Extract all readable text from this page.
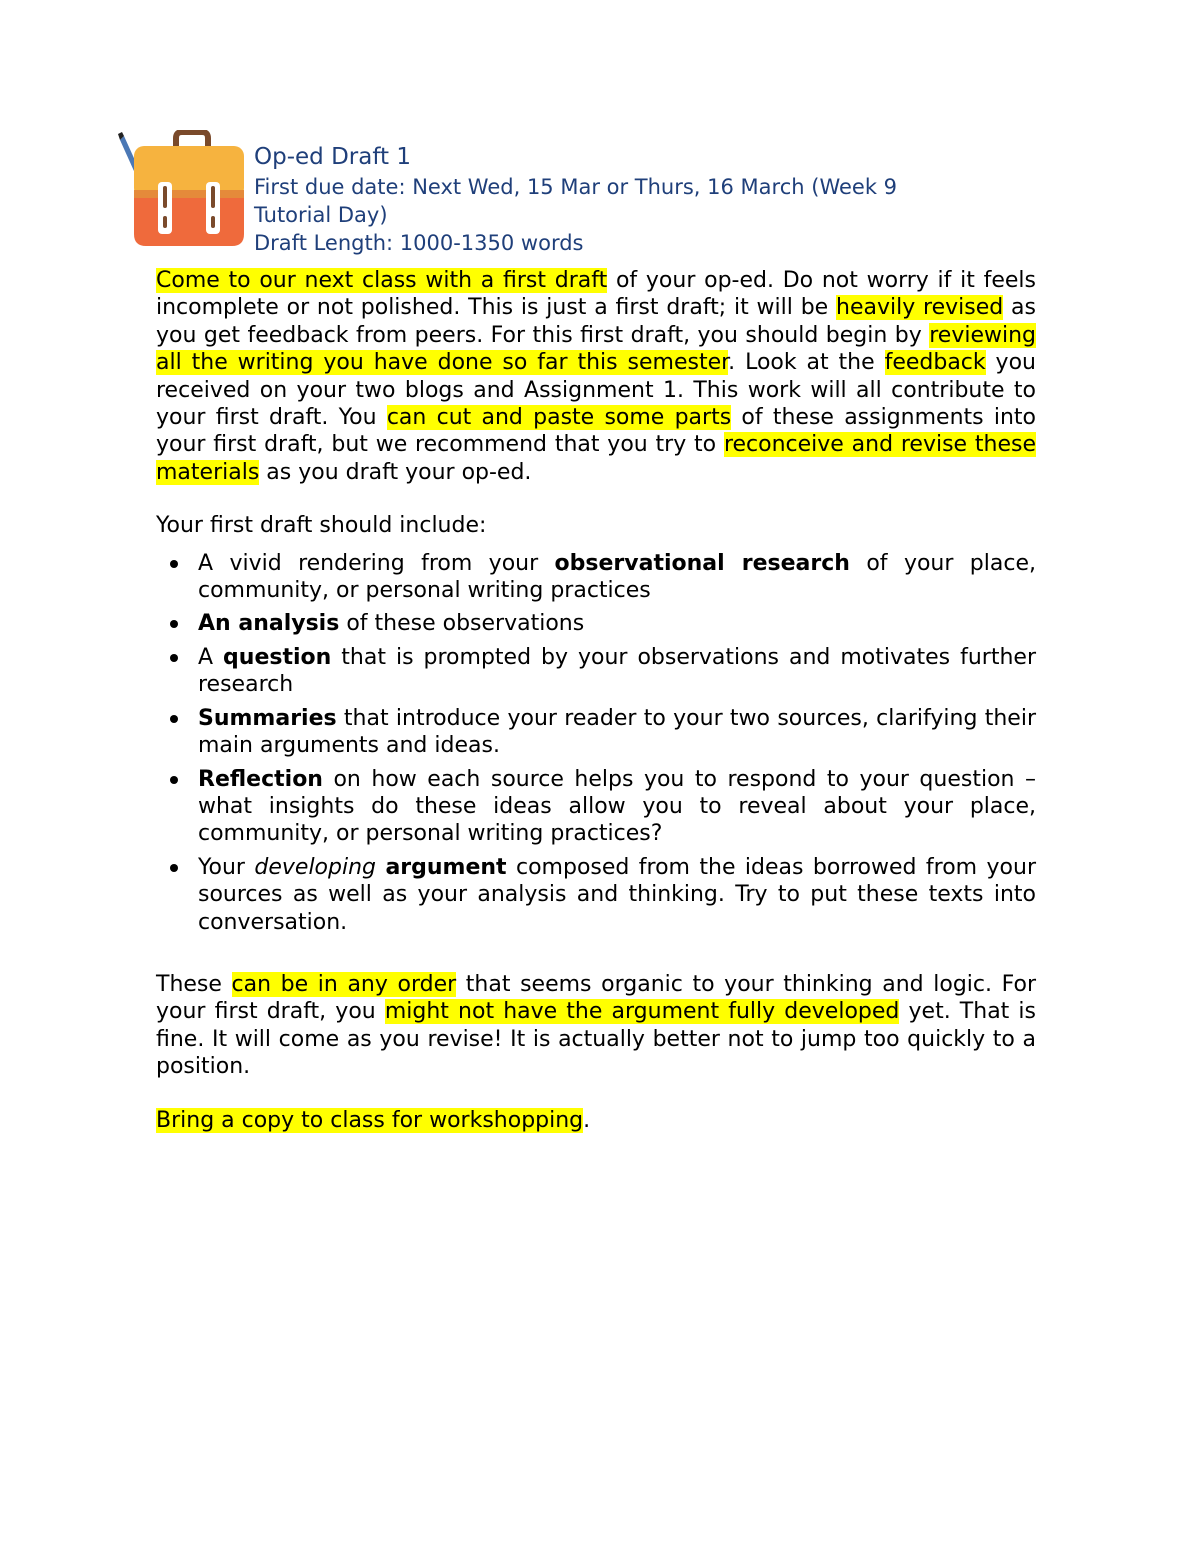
Op-ed Draft 1
First due date: Next Wed, 15 Mar or Thurs, 16 March (Week 9
Tutorial Day)
Draft Length: 1000-1350 words

Come to our next class with a first draft of your op-ed. Do not worry if it feels incomplete or not polished. This is just a first draft; it will be heavily revised as you get feedback from peers. For this first draft, you should begin by reviewing all the writing you have done so far this semester. Look at the feedback you received on your two blogs and Assignment 1. This work will all contribute to your first draft. You can cut and paste some parts of these assignments into your first draft, but we recommend that you try to reconceive and revise these materials as you draft your op-ed.

Your first draft should include:

A vivid rendering from your observational research of your place, community, or personal writing practices
An analysis of these observations
A question that is prompted by your observations and motivates further research
Summaries that introduce your reader to your two sources, clarifying their main arguments and ideas.
Reflection on how each source helps you to respond to your question – what insights do these ideas allow you to reveal about your place, community, or personal writing practices?
Your developing argument composed from the ideas borrowed from your sources as well as your analysis and thinking. Try to put these texts into conversation.

These can be in any order that seems organic to your thinking and logic. For your first draft, you might not have the argument fully developed yet. That is fine. It will come as you revise! It is actually better not to jump too quickly to a position.

Bring a copy to class for workshopping.
